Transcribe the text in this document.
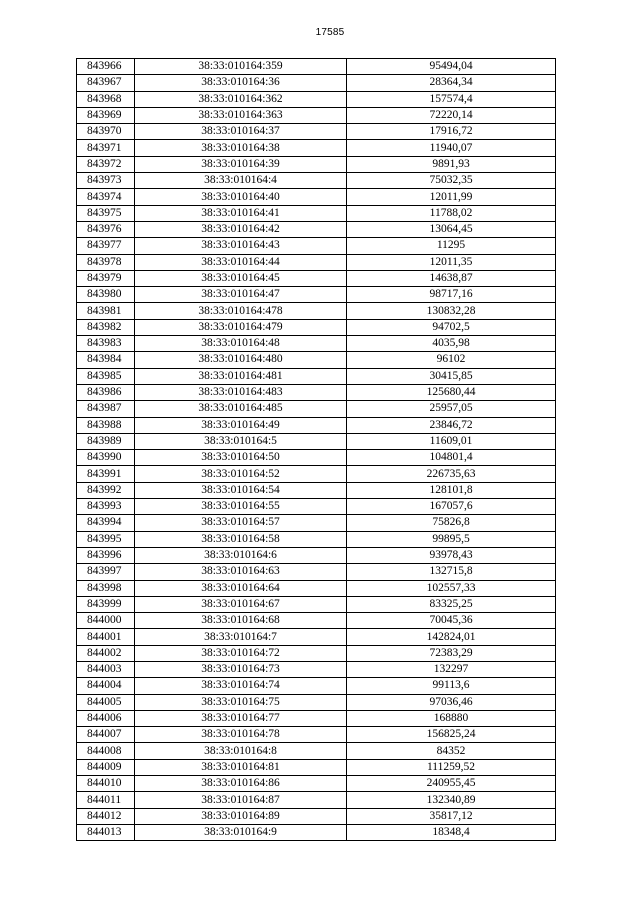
17585
843966	38:33:010164:359	95494,04
843967	38:33:010164:36	28364,34
843968	38:33:010164:362	157574,4
843969	38:33:010164:363	72220,14
843970	38:33:010164:37	17916,72
843971	38:33:010164:38	11940,07
843972	38:33:010164:39	9891,93
843973	38:33:010164:4	75032,35
843974	38:33:010164:40	12011,99
843975	38:33:010164:41	11788,02
843976	38:33:010164:42	13064,45
843977	38:33:010164:43	11295
843978	38:33:010164:44	12011,35
843979	38:33:010164:45	14638,87
843980	38:33:010164:47	98717,16
843981	38:33:010164:478	130832,28
843982	38:33:010164:479	94702,5
843983	38:33:010164:48	4035,98
843984	38:33:010164:480	96102
843985	38:33:010164:481	30415,85
843986	38:33:010164:483	125680,44
843987	38:33:010164:485	25957,05
843988	38:33:010164:49	23846,72
843989	38:33:010164:5	11609,01
843990	38:33:010164:50	104801,4
843991	38:33:010164:52	226735,63
843992	38:33:010164:54	128101,8
843993	38:33:010164:55	167057,6
843994	38:33:010164:57	75826,8
843995	38:33:010164:58	99895,5
843996	38:33:010164:6	93978,43
843997	38:33:010164:63	132715,8
843998	38:33:010164:64	102557,33
843999	38:33:010164:67	83325,25
844000	38:33:010164:68	70045,36
844001	38:33:010164:7	142824,01
844002	38:33:010164:72	72383,29
844003	38:33:010164:73	132297
844004	38:33:010164:74	99113,6
844005	38:33:010164:75	97036,46
844006	38:33:010164:77	168880
844007	38:33:010164:78	156825,24
844008	38:33:010164:8	84352
844009	38:33:010164:81	111259,52
844010	38:33:010164:86	240955,45
844011	38:33:010164:87	132340,89
844012	38:33:010164:89	35817,12
844013	38:33:010164:9	18348,4
